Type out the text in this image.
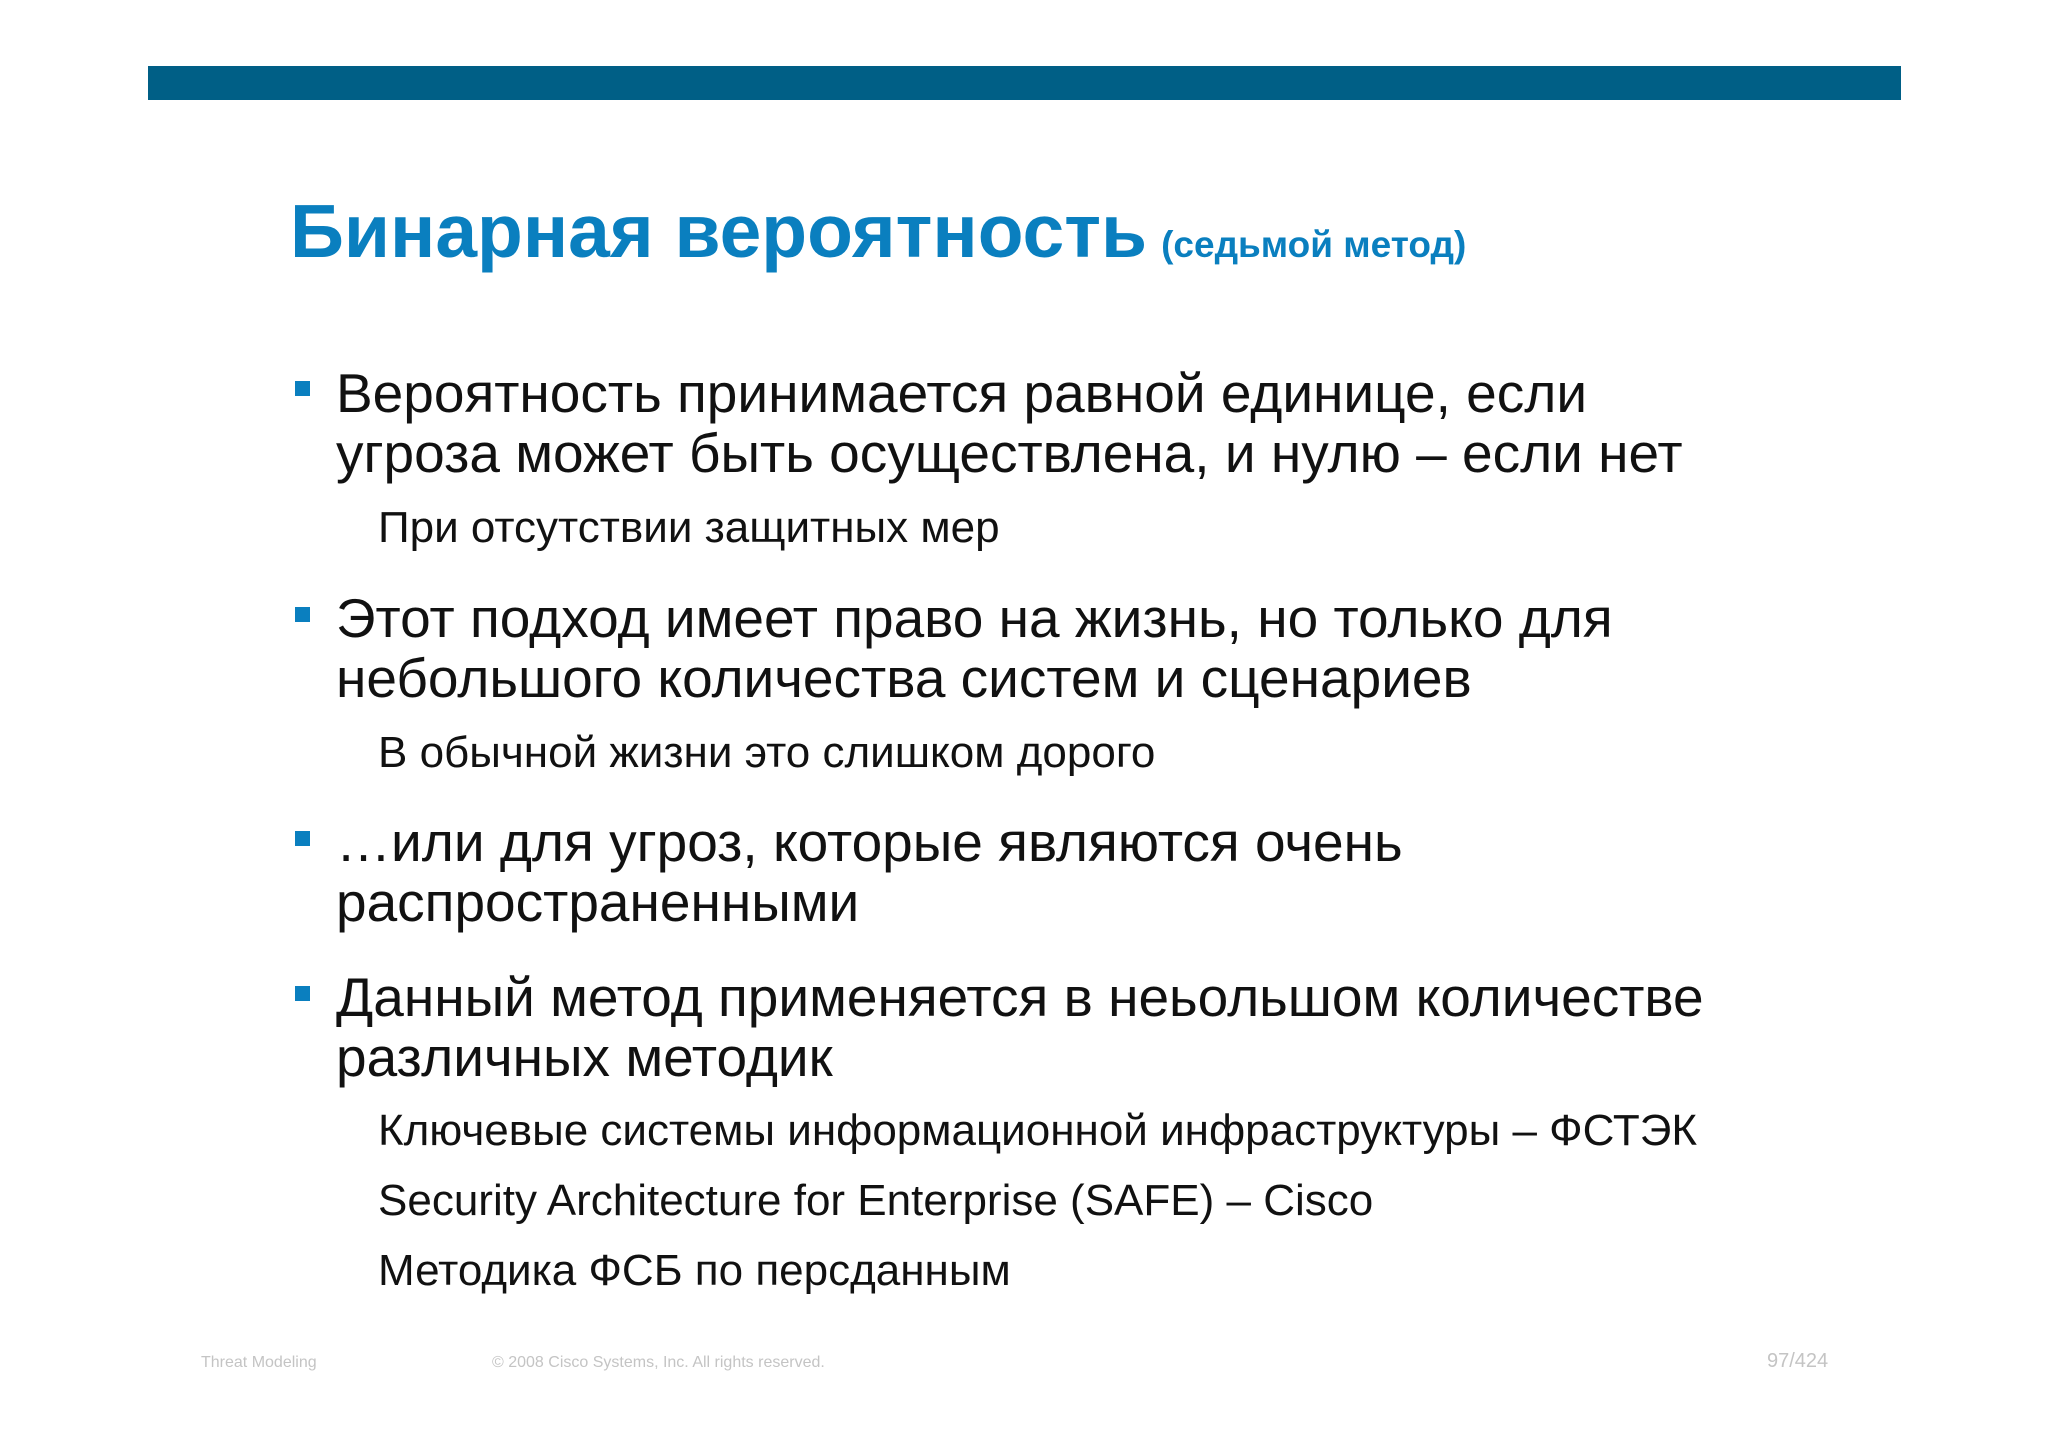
Бинарная вероятность (седьмой метод)
Вероятность принимается равной единице, если
угроза может быть осуществлена, и нулю – если нет
При отсутствии защитных мер
Этот подход имеет право на жизнь, но только для
небольшого количества систем и сценариев
В обычной жизни это слишком дорого
…или для угроз, которые являются очень
распространенными
Данный метод применяется в неьольшом количестве
различных методик
Ключевые системы информационной инфраструктуры – ФСТЭК
Security Architecture for Enterprise (SAFE) – Cisco
Методика ФСБ по персданным
Threat Modeling	© 2008 Cisco Systems, Inc. All rights reserved.	97/424
